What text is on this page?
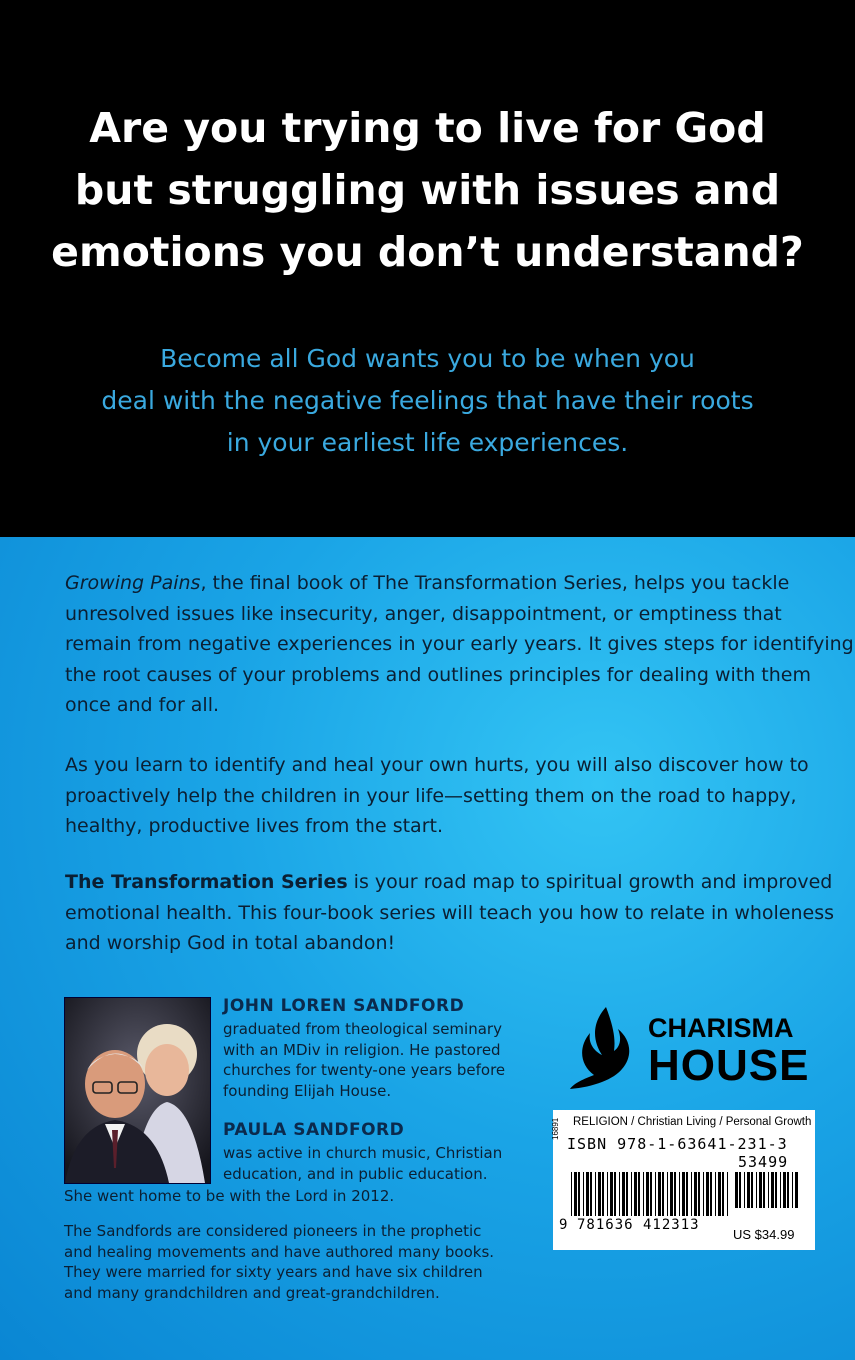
Are you trying to live for God
but struggling with issues and
emotions you don’t understand?
Become all God wants you to be when you
deal with the negative feelings that have their roots
in your earliest life experiences.
Growing Pains, the final book of The Transformation Series, helps you tackle
unresolved issues like insecurity, anger, disappointment, or emptiness that
remain from negative experiences in your early years. It gives steps for identifying
the root causes of your problems and outlines principles for dealing with them
once and for all.
As you learn to identify and heal your own hurts, you will also discover how to
proactively help the children in your life—setting them on the road to happy,
healthy, productive lives from the start.
The Transformation Series is your road map to spiritual growth and improved
emotional health. This four-book series will teach you how to relate in wholeness
and worship God in total abandon!
JOHN LOREN SANDFORD
graduated from theological seminary
with an MDiv in religion. He pastored
churches for twenty-one years before
founding Elijah House.
PAULA SANDFORD
was active in church music, Christian
education, and in public education.
She went home to be with the Lord in 2012.
The Sandfords are considered pioneers in the prophetic
and healing movements and have authored many books.
They were married for sixty years and have six children
and many grandchildren and great-grandchildren.
CHARISMA
HOUSE
16891 RELIGION / Christian Living / Personal Growth
ISBN 978-1-63641-231-3
53499
9 781636 412313
US $34.99
